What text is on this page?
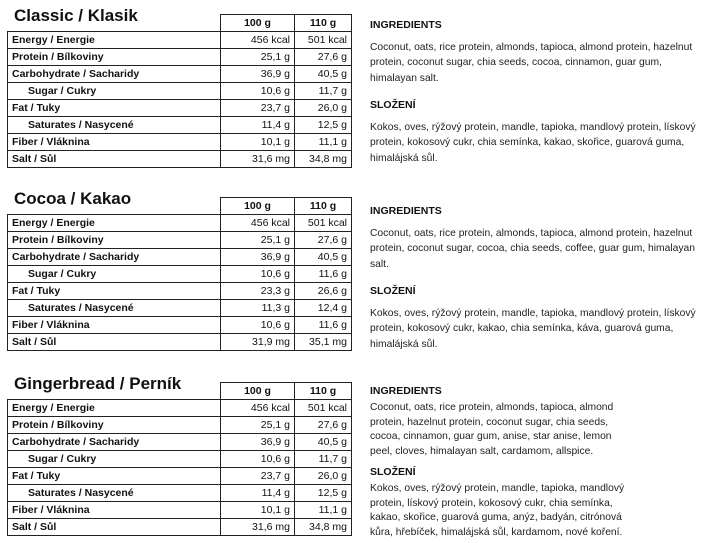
Classic / Klasik
		100 g	110 g
Energy / Energie	456 kcal	501 kcal
Protein / Bílkoviny	25,1 g	27,6 g
Carbohydrate / Sacharidy	36,9 g	40,5 g
Sugar / Cukry	10,6 g	11,7 g
Fat / Tuky	23,7 g	26,0 g
Saturates / Nasycené	11,4 g	12,5 g
Fiber / Vláknina	10,1 g	11,1 g
Salt / Sůl	31,6 mg	34,8 mg
INGREDIENTS
Coconut, oats, rice protein, almonds, tapioca, almond protein, hazelnut protein, coconut sugar, chia seeds, cocoa, cinnamon, guar gum, himalayan salt.
SLOŽENÍ
Kokos, oves, rýžový protein, mandle, tapioka, mandlový protein, lískový protein, kokosový cukr, chia semínka, kakao, skořice, guarová guma, himalájská sůl.
Cocoa / Kakao
		100 g	110 g
Energy / Energie	456 kcal	501 kcal
Protein / Bílkoviny	25,1 g	27,6 g
Carbohydrate / Sacharidy	36,9 g	40,5 g
Sugar / Cukry	10,6 g	11,6 g
Fat / Tuky	23,3 g	26,6 g
Saturates / Nasycené	11,3 g	12,4 g
Fiber / Vláknina	10,6 g	11,6 g
Salt / Sůl	31,9 mg	35,1 mg
INGREDIENTS
Coconut, oats, rice protein, almonds, tapioca, almond protein, hazelnut protein, coconut sugar, cocoa, chia seeds, coffee, guar gum, himalayan salt.
SLOŽENÍ
Kokos, oves, rýžový protein, mandle, tapioka, mandlový protein, lískový protein, kokosový cukr, kakao, chia semínka, káva, guarová guma, himalájská sůl.
Gingerbread / Perník
		100 g	110 g
Energy / Energie	456 kcal	501 kcal
Protein / Bílkoviny	25,1 g	27,6 g
Carbohydrate / Sacharidy	36,9 g	40,5 g
Sugar / Cukry	10,6 g	11,7 g
Fat / Tuky	23,7 g	26,0 g
Saturates / Nasycené	11,4 g	12,5 g
Fiber / Vláknina	10,1 g	11,1 g
Salt / Sůl	31,6 mg	34,8 mg
INGREDIENTS
Coconut, oats, rice protein, almonds, tapioca, almond protein, hazelnut protein, coconut sugar, chia seeds, cocoa, cinnamon, guar gum, anise, star anise, lemon peel, cloves, himalayan salt, cardamom, allspice.
SLOŽENÍ
Kokos, oves, rýžový protein, mandle, tapioka, mandlový protein, lískový protein, kokosový cukr, chia semínka, kakao, skořice, guarová guma, anýz, badyán, citrónová kůra, hřebíček, himalájská sůl, kardamom, nové koření.
